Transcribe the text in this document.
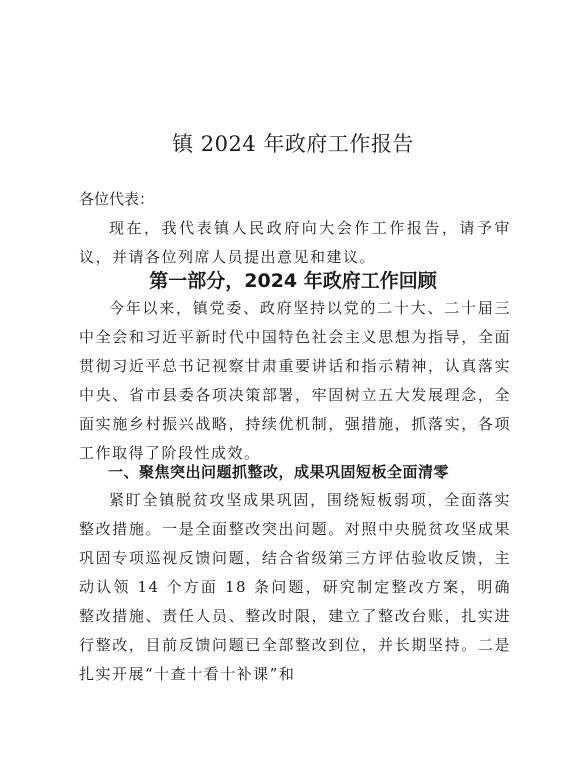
镇 2024 年政府工作报告
各位代表：

现在，我代表镇人民政府向大会作工作报告，请予审议，并请各位列席人员提出意见和建议。

第一部分，2024 年政府工作回顾

今年以来，镇党委、政府坚持以党的二十大、二十届三中全会和习近平新时代中国特色社会主义思想为指导，全面贯彻习近平总书记视察甘肃重要讲话和指示精神，认真落实中央、省市县委各项决策部署，牢固树立五大发展理念，全面实施乡村振兴战略，持续优机制，强措施，抓落实，各项工作取得了阶段性成效。

一、聚焦突出问题抓整改，成果巩固短板全面清零

紧盯全镇脱贫攻坚成果巩固，围绕短板弱项，全面落实整改措施。一是全面整改突出问题。对照中央脱贫攻坚成果巩固专项巡视反馈问题，结合省级第三方评估验收反馈，主动认领 14 个方面 18 条问题，研究制定整改方案，明确整改措施、责任人员、整改时限，建立了整改台账，扎实进行整改，目前反馈问题已全部整改到位，并长期坚持。二是扎实开展“十查十看十补课”和
